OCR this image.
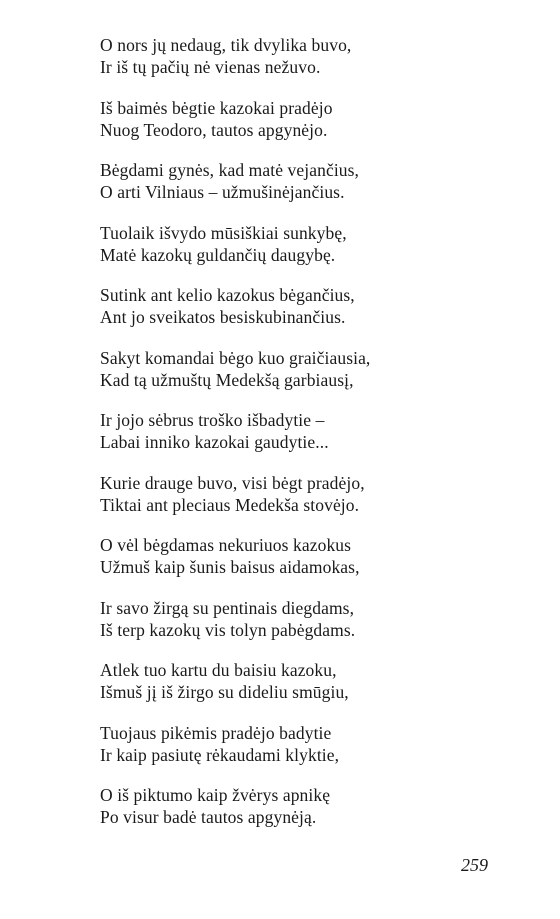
O nors jų nedaug, tik dvylika buvo,
Ir iš tų pačių nė vienas nežuvo.
Iš baimės bėgtie kazokai pradėjo
Nuog Teodoro, tautos apgynėjo.
Bėgdami gynės, kad matė vejančius,
O arti Vilniaus – užmušinėjančius.
Tuolaik išvydo mūsiškiai sunkybę,
Matė kazokų guldančių daugybę.
Sutink ant kelio kazokus bėgančius,
Ant jo sveikatos besiskubinančius.
Sakyt komandai bėgo kuo graičiausia,
Kad tą užmuštų Medekšą garbiausį,
Ir jojo sėbrus troško išbadytie –
Labai inniko kazokai gaudytie...
Kurie drauge buvo, visi bėgt pradėjo,
Tiktai ant pleciaus Medekša stovėjo.
O vėl bėgdamas nekuriuos kazokus
Užmuš kaip šunis baisus aidamokas,
Ir savo žirgą su pentinais diegdams,
Iš terp kazokų vis tolyn pabėgdams.
Atlek tuo kartu du baisiu kazoku,
Išmuš jį iš žirgo su dideliu smūgiu,
Tuojaus pikėmis pradėjo badytie
Ir kaip pasiutę rėkaudami klyktie,
O iš piktumo kaip žvėrys apnikę
Po visur badė tautos apgynėją.
259
